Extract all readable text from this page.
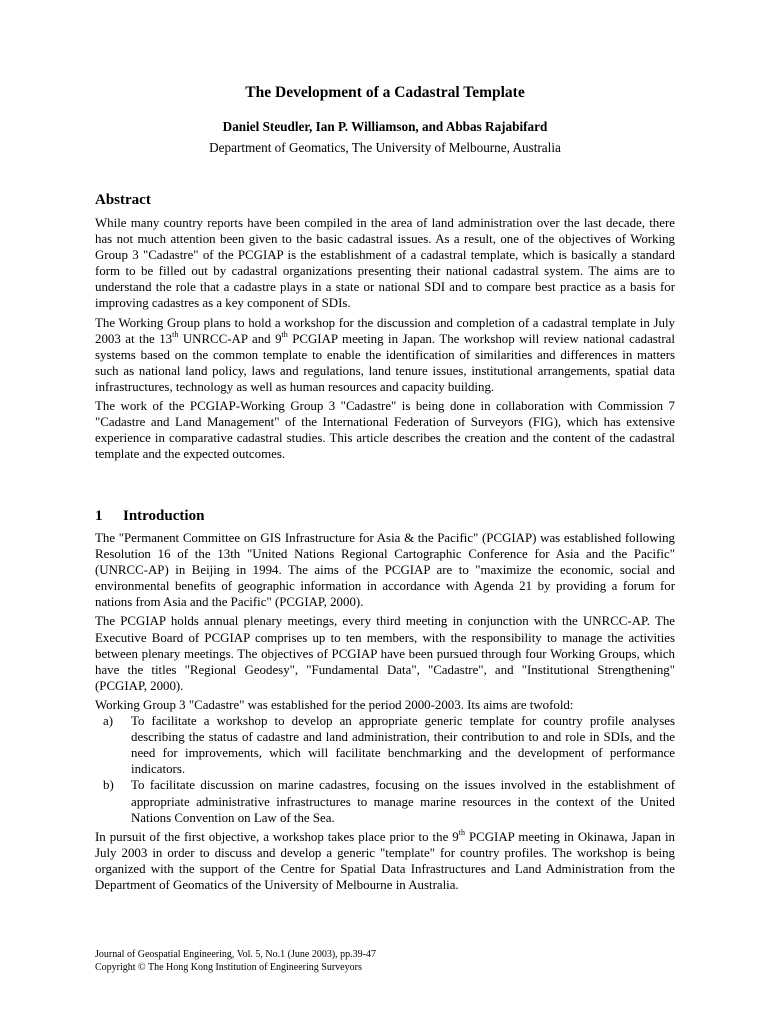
The Development of a Cadastral Template
Daniel Steudler, Ian P. Williamson, and Abbas Rajabifard
Department of Geomatics, The University of Melbourne, Australia
Abstract

While many country reports have been compiled in the area of land administration over the last decade, there has not much attention been given to the basic cadastral issues. As a result, one of the objectives of Working Group 3 "Cadastre" of the PCGIAP is the establishment of a cadastral template, which is basically a standard form to be filled out by cadastral organizations presenting their national cadastral system. The aims are to understand the role that a cadastre plays in a state or national SDI and to compare best practice as a basis for improving cadastres as a key component of SDIs.

The Working Group plans to hold a workshop for the discussion and completion of a cadastral template in July 2003 at the 13th UNRCC-AP and 9th PCGIAP meeting in Japan. The workshop will review national cadastral systems based on the common template to enable the identification of similarities and differences in matters such as national land policy, laws and regulations, land tenure issues, institutional arrangements, spatial data infrastructures, technology as well as human resources and capacity building.

The work of the PCGIAP-Working Group 3 "Cadastre" is being done in collaboration with Commission 7 "Cadastre and Land Management" of the International Federation of Surveyors (FIG), which has extensive experience in comparative cadastral studies. This article describes the creation and the content of the cadastral template and the expected outcomes.

1 Introduction

The "Permanent Committee on GIS Infrastructure for Asia & the Pacific" (PCGIAP) was established following Resolution 16 of the 13th "United Nations Regional Cartographic Conference for Asia and the Pacific" (UNRCC-AP) in Beijing in 1994. The aims of the PCGIAP are to "maximize the economic, social and environmental benefits of geographic information in accordance with Agenda 21 by providing a forum for nations from Asia and the Pacific" (PCGIAP, 2000).

The PCGIAP holds annual plenary meetings, every third meeting in conjunction with the UNRCC-AP. The Executive Board of PCGIAP comprises up to ten members, with the responsibility to manage the activities between plenary meetings. The objectives of PCGIAP have been pursued through four Working Groups, which have the titles "Regional Geodesy", "Fundamental Data", "Cadastre", and "Institutional Strengthening" (PCGIAP, 2000).

Working Group 3 "Cadastre" was established for the period 2000-2003. Its aims are twofold:

a) To facilitate a workshop to develop an appropriate generic template for country profile analyses describing the status of cadastre and land administration, their contribution to and role in SDIs, and the need for improvements, which will facilitate benchmarking and the development of performance indicators.
b) To facilitate discussion on marine cadastres, focusing on the issues involved in the establishment of appropriate administrative infrastructures to manage marine resources in the context of the United Nations Convention on Law of the Sea.

In pursuit of the first objective, a workshop takes place prior to the 9th PCGIAP meeting in Okinawa, Japan in July 2003 in order to discuss and develop a generic "template" for country profiles. The workshop is being organized with the support of the Centre for Spatial Data Infrastructures and Land Administration from the Department of Geomatics of the University of Melbourne in Australia.

Journal of Geospatial Engineering, Vol. 5, No.1 (June 2003), pp.39-47
Copyright © The Hong Kong Institution of Engineering Surveyors
